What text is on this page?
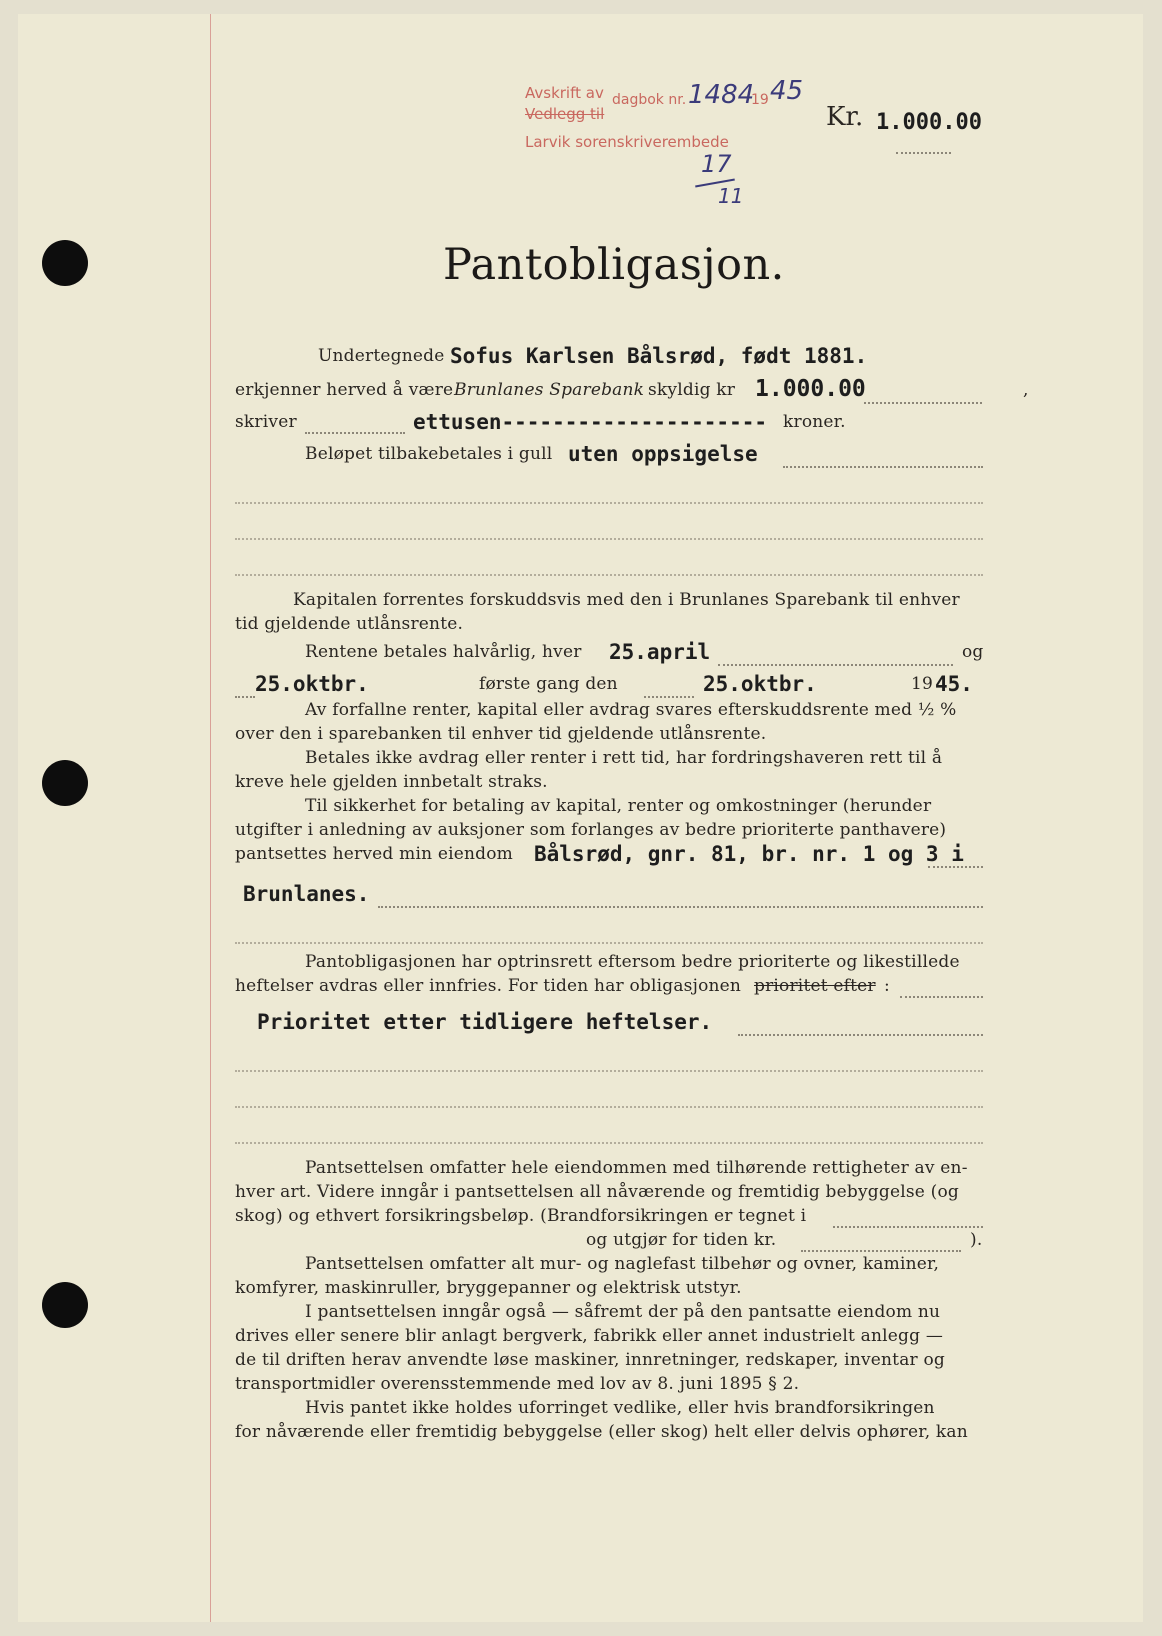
Avskrift av
Vedlegg til
dagbok nr. 1484
19 45
Larvik sorenskriverembede
17
11
Kr. 1.000.00
Pantobligasjon.
Undertegnede Sofus Karlsen Bålsrød, født 1881.
erkjenner herved å være Brunlanes Sparebank skyldig kr 1.000.00	,
skriver	ettusen--------------------- kroner.
Beløpet tilbakebetales i gull uten oppsigelse
Kapitalen forrentes forskuddsvis med den i Brunlanes Sparebank til enhver
tid gjeldende utlånsrente.
Rentene betales halvårlig, hver 25.april	og
25.oktbr.	første gang den	25.oktbr.	19 45.
Av forfallne renter, kapital eller avdrag svares efterskuddsrente med ½ %
over den i sparebanken til enhver tid gjeldende utlånsrente.
Betales ikke avdrag eller renter i rett tid, har fordringshaveren rett til å
kreve hele gjelden innbetalt straks.
Til sikkerhet for betaling av kapital, renter og omkostninger (herunder
utgifter i anledning av auksjoner som forlanges av bedre prioriterte panthavere)
pantsettes herved min eiendom Bålsrød, gnr. 81, br. nr. 1 og 3 i
Brunlanes.
Pantobligasjonen har optrinsrett eftersom bedre prioriterte og likestillede
heftelser avdras eller innfries. For tiden har obligasjonen prioritet efter :
Prioritet etter tidligere heftelser.
Pantsettelsen omfatter hele eiendommen med tilhørende rettigheter av en-
hver art. Videre inngår i pantsettelsen all nåværende og fremtidig bebyggelse (og
skog) og ethvert forsikringsbeløp. (Brandforsikringen er tegnet i
og utgjør for tiden kr.	).
Pantsettelsen omfatter alt mur- og naglefast tilbehør og ovner, kaminer,
komfyrer, maskinruller, bryggepanner og elektrisk utstyr.
I pantsettelsen inngår også — såfremt der på den pantsatte eiendom nu
drives eller senere blir anlagt bergverk, fabrikk eller annet industrielt anlegg —
de til driften herav anvendte løse maskiner, innretninger, redskaper, inventar og
transportmidler overensstemmende med lov av 8. juni 1895 § 2.
Hvis pantet ikke holdes uforringet vedlike, eller hvis brandforsikringen
for nåværende eller fremtidig bebyggelse (eller skog) helt eller delvis ophører, kan
